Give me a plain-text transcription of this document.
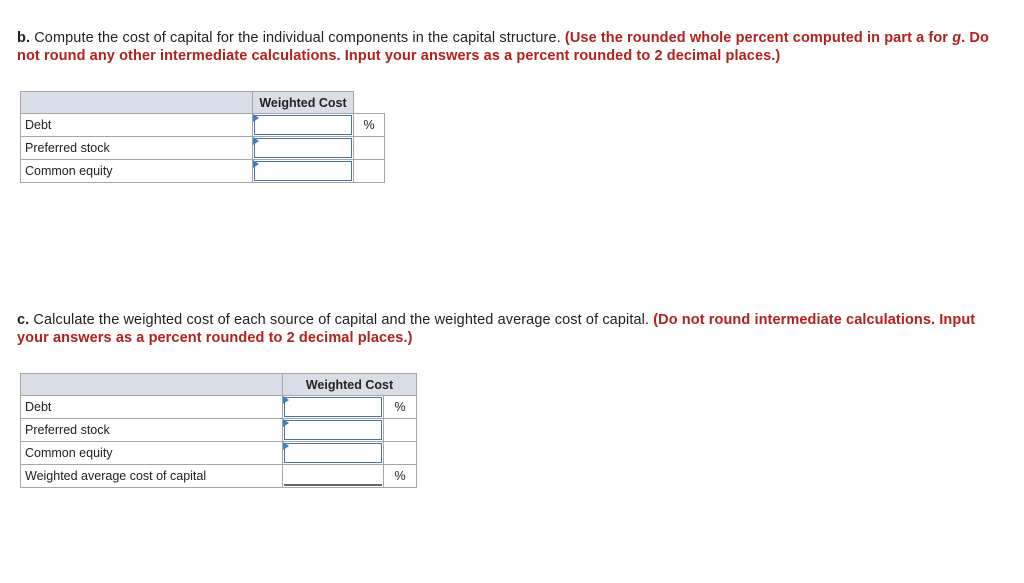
b. Compute the cost of capital for the individual components in the capital structure. (Use the rounded whole percent computed in part a for g. Do not round any other intermediate calculations. Input your answers as a percent rounded to 2 decimal places.)
	Weighted Cost	
Debt		%
Preferred stock	

Common equity	

c. Calculate the weighted cost of each source of capital and the weighted average cost of capital. (Do not round intermediate calculations. Input your answers as a percent rounded to 2 decimal places.)
	Weighted Cost	
Debt		%
Preferred stock	

Common equity	

Weighted average cost of capital		%
